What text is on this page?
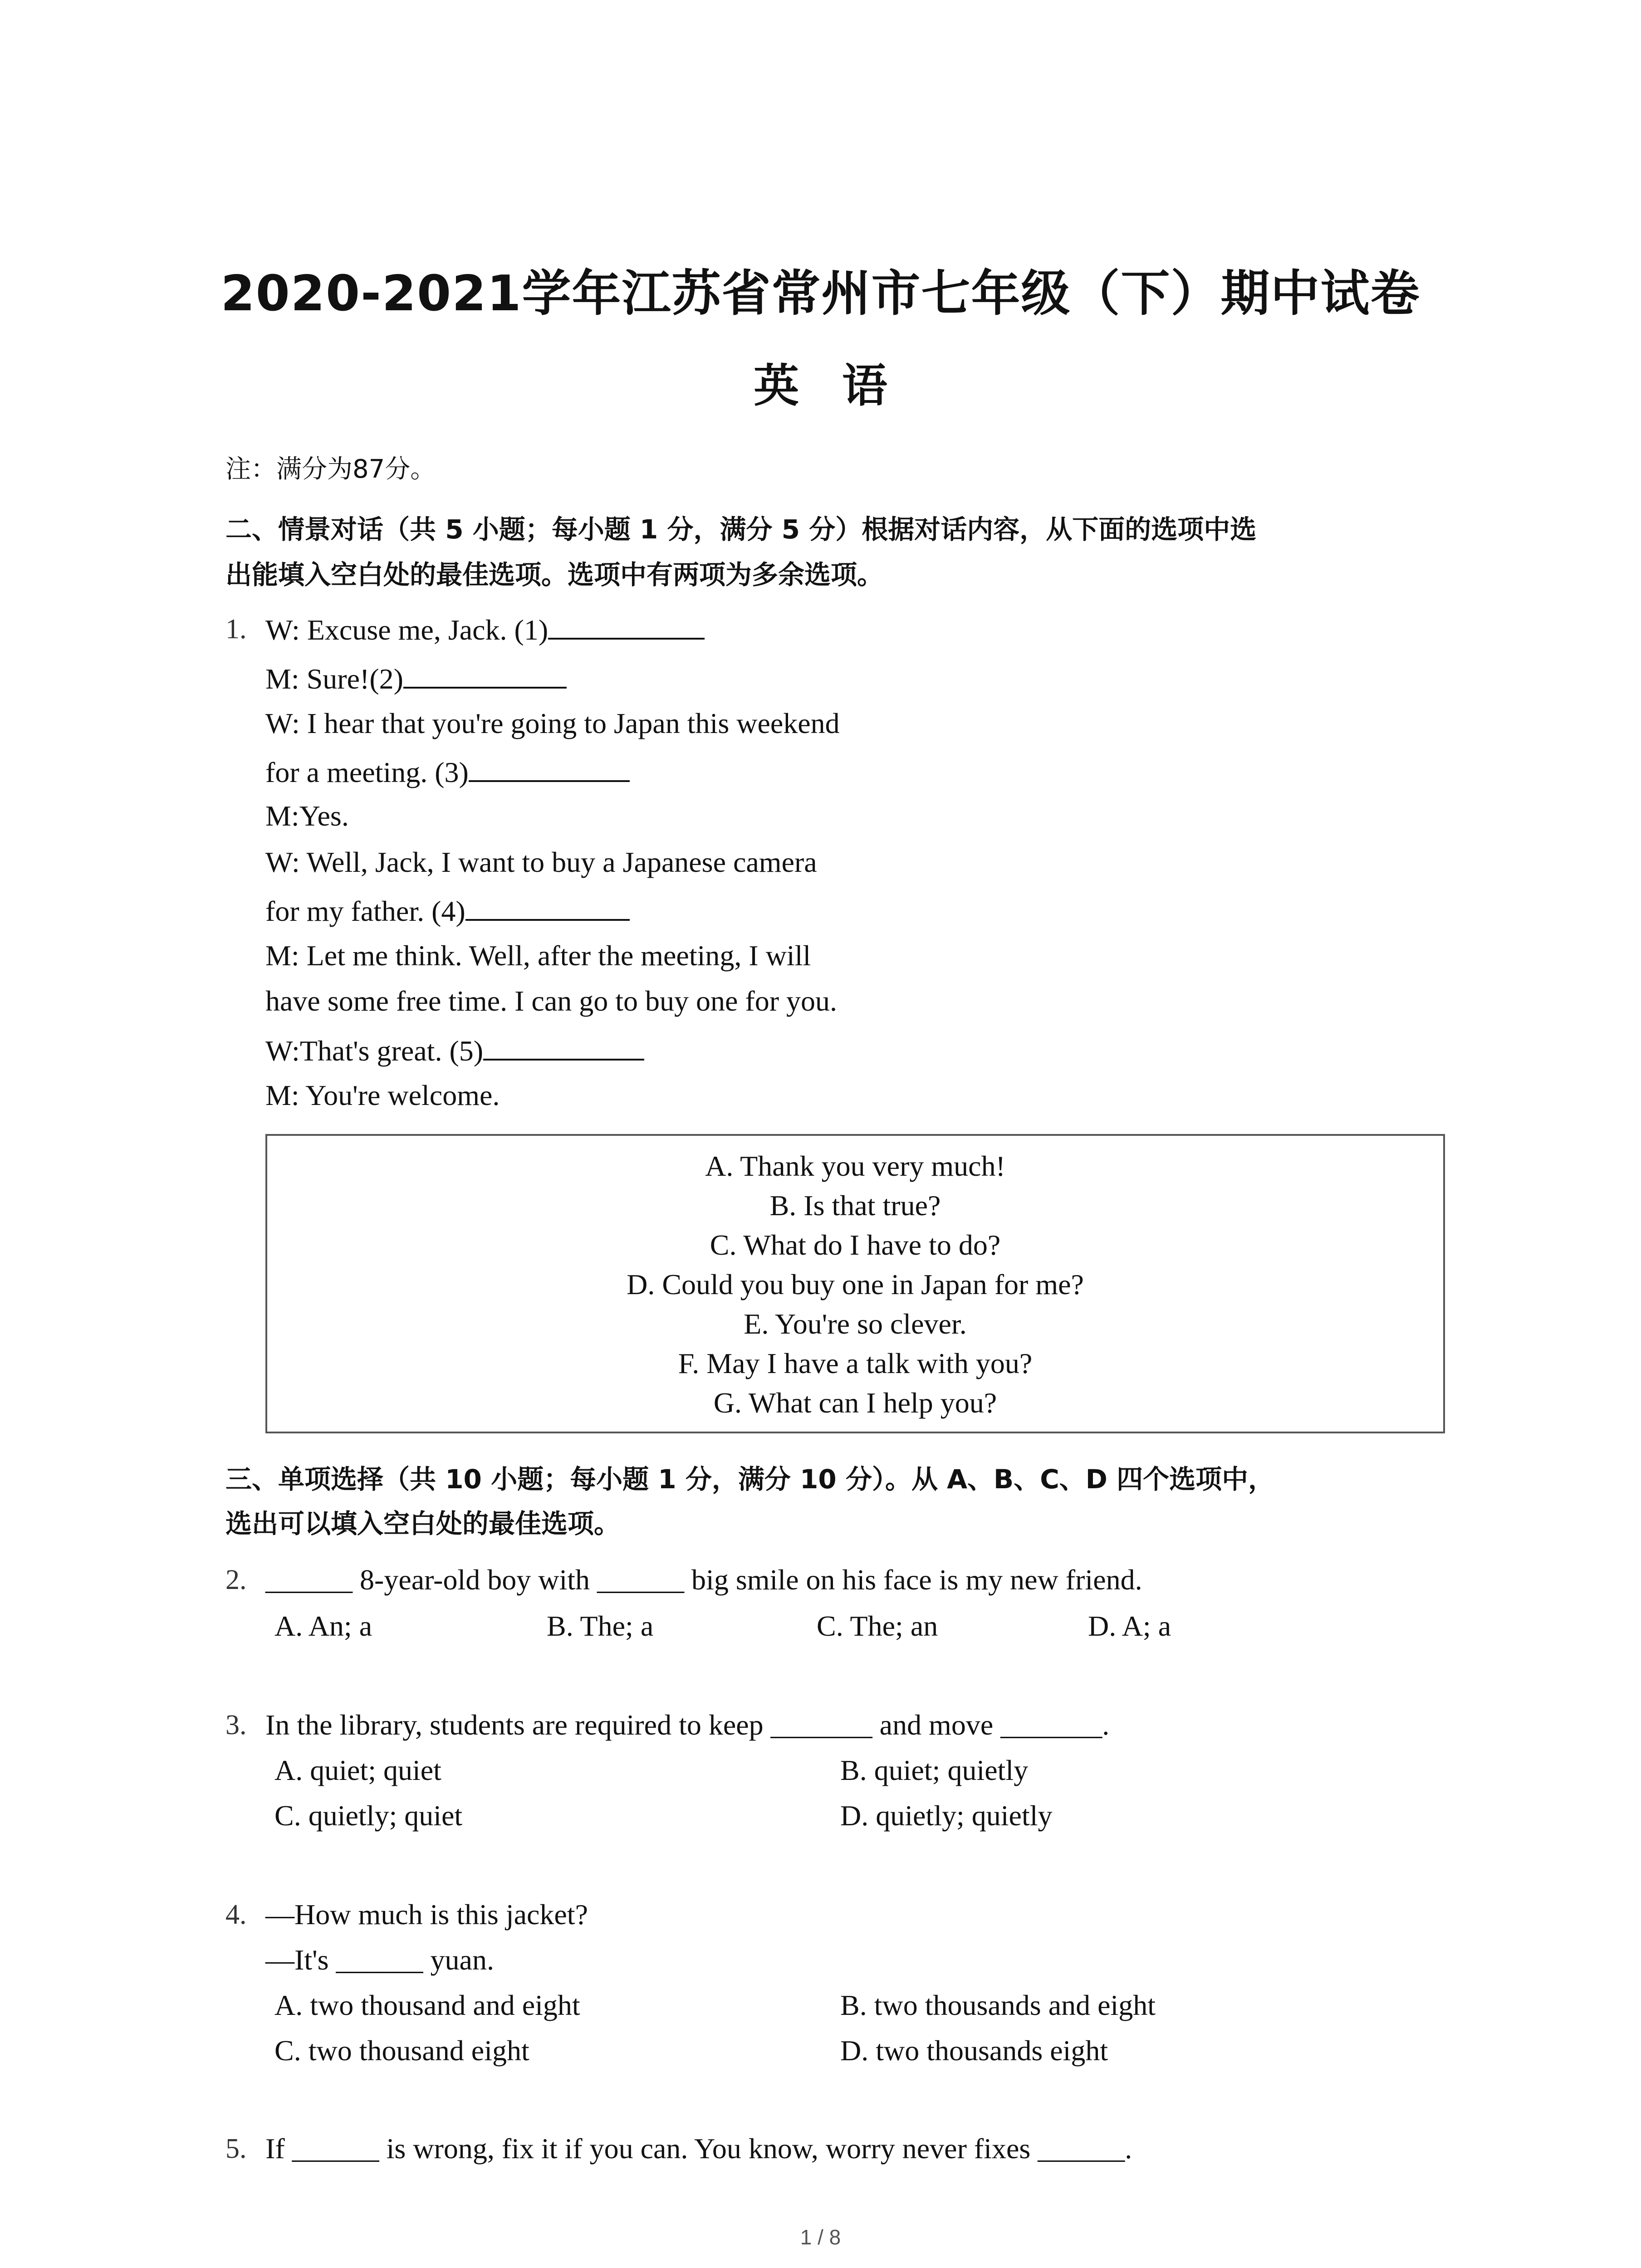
2020-2021学年江苏省常州市七年级（下）期中试卷
英 语
注：满分为87分。
二、情景对话（共 5 小题；每小题 1 分，满分 5 分）根据对话内容，从下面的选项中选
出能填入空白处的最佳选项。选项中有两项为多余选项。
1. W: Excuse me, Jack. (1)
M: Sure!(2)
W: I hear that you're going to Japan this weekend
for a meeting. (3)
M:Yes.
W: Well, Jack, I want to buy a Japanese camera
for my father. (4)
M: Let me think. Well, after the meeting, I will
have some free time. I can go to buy one for you.
W:That's great. (5)
M: You're welcome.
A. Thank you very much!
B. Is that true?
C. What do I have to do?
D. Could you buy one in Japan for me?
E. You're so clever.
F. May I have a talk with you?
G. What can I help you?
三、单项选择（共 10 小题；每小题 1 分，满分 10 分）。从 A、B、C、D 四个选项中，
选出可以填入空白处的最佳选项。
2. ______ 8-year-old boy with ______ big smile on his face is my new friend.
A. An; a	B. The; a	C. The; an	D. A; a
3. In the library, students are required to keep _______ and move _______.
A. quiet; quiet	B. quiet; quietly
C. quietly; quiet	D. quietly; quietly
4. —How much is this jacket?
—It's ______ yuan.
A. two thousand and eight	B. two thousands and eight
C. two thousand eight	D. two thousands eight
5. If ______ is wrong, fix it if you can. You know, worry never fixes ______.
1 / 8
